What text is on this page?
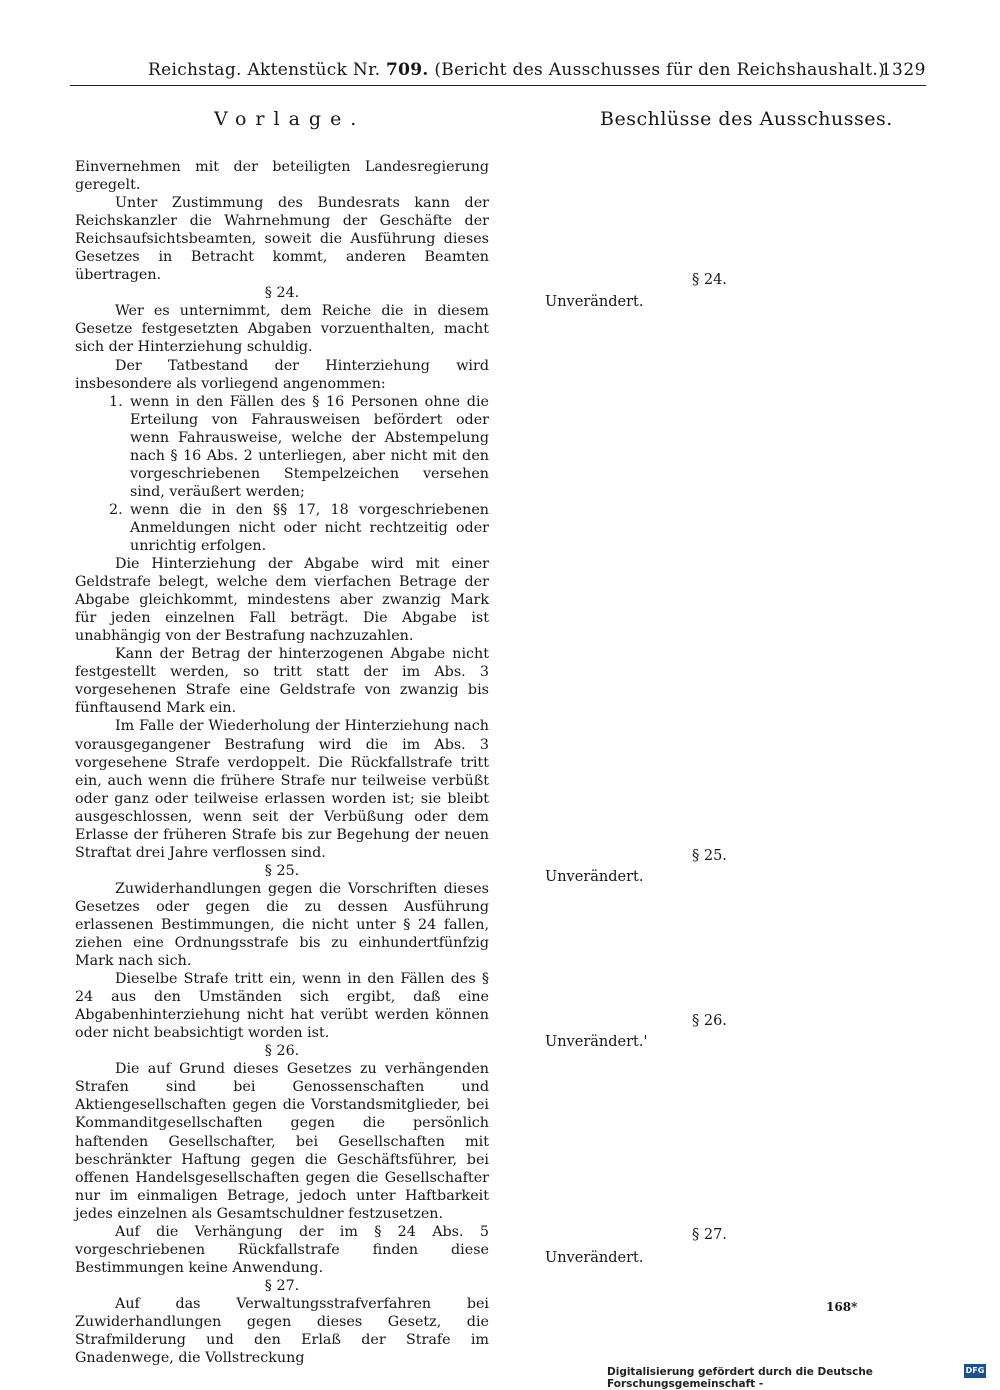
Reichstag. Aktenstück Nr. 709. (Bericht des Ausschusses für den Reichshaushalt.)
1329
Vorlage.	Beschlüsse des Ausschusses.

Einvernehmen mit der beteiligten Landesregierung geregelt.

Unter Zustimmung des Bundesrats kann der Reichskanzler die Wahrnehmung der Geschäfte der Reichsaufsichtsbeamten, soweit die Ausführung dieses Gesetzes in Betracht kommt, anderen Beamten übertragen.

§ 24.

Wer es unternimmt, dem Reiche die in diesem Gesetze festgesetzten Abgaben vorzuenthalten, macht sich der Hinterziehung schuldig.

Der Tatbestand der Hinterziehung wird insbesondere als vorliegend angenommen:

1. wenn in den Fällen des § 16 Personen ohne die Erteilung von Fahrausweisen befördert oder wenn Fahrausweise, welche der Abstempelung nach § 16 Abs. 2 unterliegen, aber nicht mit den vorgeschriebenen Stempelzeichen versehen sind, veräußert werden;
2. wenn die in den §§ 17, 18 vorgeschriebenen Anmeldungen nicht oder nicht rechtzeitig oder unrichtig erfolgen.

Die Hinterziehung der Abgabe wird mit einer Geldstrafe belegt, welche dem vierfachen Betrage der Abgabe gleichkommt, mindestens aber zwanzig Mark für jeden einzelnen Fall beträgt. Die Abgabe ist unabhängig von der Bestrafung nachzuzahlen.

Kann der Betrag der hinterzogenen Abgabe nicht festgestellt werden, so tritt statt der im Abs. 3 vorgesehenen Strafe eine Geldstrafe von zwanzig bis fünftausend Mark ein.

Im Falle der Wiederholung der Hinterziehung nach vorausgegangener Bestrafung wird die im Abs. 3 vorgesehene Strafe verdoppelt. Die Rückfallstrafe tritt ein, auch wenn die frühere Strafe nur teilweise verbüßt oder ganz oder teilweise erlassen worden ist; sie bleibt ausgeschlossen, wenn seit der Verbüßung oder dem Erlasse der früheren Strafe bis zur Begehung der neuen Straftat drei Jahre verflossen sind.

§ 25.

Zuwiderhandlungen gegen die Vorschriften dieses Gesetzes oder gegen die zu dessen Ausführung erlassenen Bestimmungen, die nicht unter § 24 fallen, ziehen eine Ordnungsstrafe bis zu einhundertfünfzig Mark nach sich.

Dieselbe Strafe tritt ein, wenn in den Fällen des § 24 aus den Umständen sich ergibt, daß eine Abgabenhinterziehung nicht hat verübt werden können oder nicht beabsichtigt worden ist.

§ 26.

Die auf Grund dieses Gesetzes zu verhängenden Strafen sind bei Genossenschaften und Aktiengesellschaften gegen die Vorstandsmitglieder, bei Kommanditgesellschaften gegen die persönlich haftenden Gesellschafter, bei Gesellschaften mit beschränkter Haftung gegen die Geschäftsführer, bei offenen Handelsgesellschaften gegen die Gesellschafter nur im einmaligen Betrage, jedoch unter Haftbarkeit jedes einzelnen als Gesamtschuldner festzusetzen.

Auf die Verhängung der im § 24 Abs. 5 vorgeschriebenen Rückfallstrafe finden diese Bestimmungen keine Anwendung.

§ 27.

Auf das Verwaltungsstrafverfahren bei Zuwiderhandlungen gegen dieses Gesetz, die Strafmilderung und den Erlaß der Strafe im Gnadenwege, die Vollstreckung

§ 24.
Unverändert.
§ 25.
Unverändert.
§ 26.
Unverändert.'
§ 27.
Unverändert.
168*
Digitalisierung gefördert durch die Deutsche Forschungsgemeinschaft -
DFG
